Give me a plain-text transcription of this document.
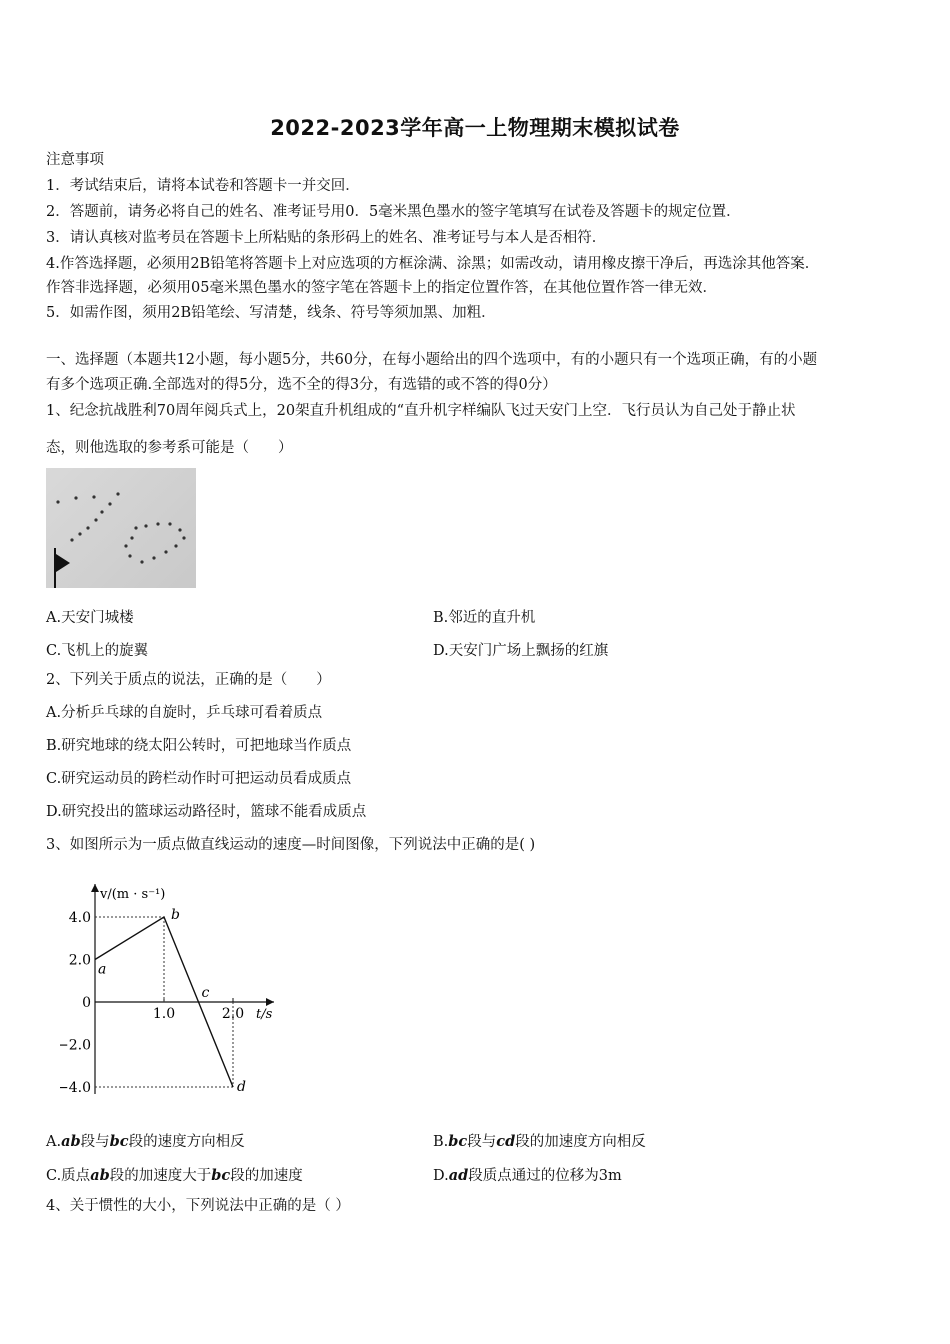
2022-2023学年高一上物理期末模拟试卷
注意事项
1．考试结束后，请将本试卷和答题卡一并交回．
2．答题前，请务必将自己的姓名、准考证号用0．5毫米黑色墨水的签字笔填写在试卷及答题卡的规定位置．
3．请认真核对监考员在答题卡上所粘贴的条形码上的姓名、准考证号与本人是否相符．
4.作答选择题，必须用2B铅笔将答题卡上对应选项的方框涂满、涂黑；如需改动，请用橡皮擦干净后，再选涂其他答案．
作答非选择题，必须用05毫米黑色墨水的签字笔在答题卡上的指定位置作答，在其他位置作答一律无效．
5．如需作图，须用2B铅笔绘、写清楚，线条、符号等须加黑、加粗．
一、选择题（本题共12小题，每小题5分，共60分，在每小题给出的四个选项中，有的小题只有一个选项正确，有的小题
有多个选项正确.全部选对的得5分，选不全的得3分，有选错的或不答的得0分）
1、纪念抗战胜利70周年阅兵式上，20架直升机组成的“直升机字样编队飞过天安门上空．飞行员认为自己处于静止状
态，则他选取的参考系可能是（　　）
A.天安门城楼	B.邻近的直升机
C.飞机上的旋翼	D.天安门广场上飘扬的红旗
2、下列关于质点的说法，正确的是（　　）
A.分析乒乓球的自旋时，乒乓球可看着质点
B.研究地球的绕太阳公转时，可把地球当作质点
C.研究运动员的跨栏动作时可把运动员看成质点
D.研究投出的篮球运动路径时，篮球不能看成质点
3、如图所示为一质点做直线运动的速度—时间图像，下列说法中正确的是( )
v/(m · s⁻¹)
t/s
4.0
2.0
0
−2.0
−4.0
1.0	2.0
a
b
c
d
A.ab段与bc段的速度方向相反	B.bc段与cd段的加速度方向相反
C.质点ab段的加速度大于bc段的加速度	D.ad段质点通过的位移为3m
4、关于惯性的大小，下列说法中正确的是（ ）
